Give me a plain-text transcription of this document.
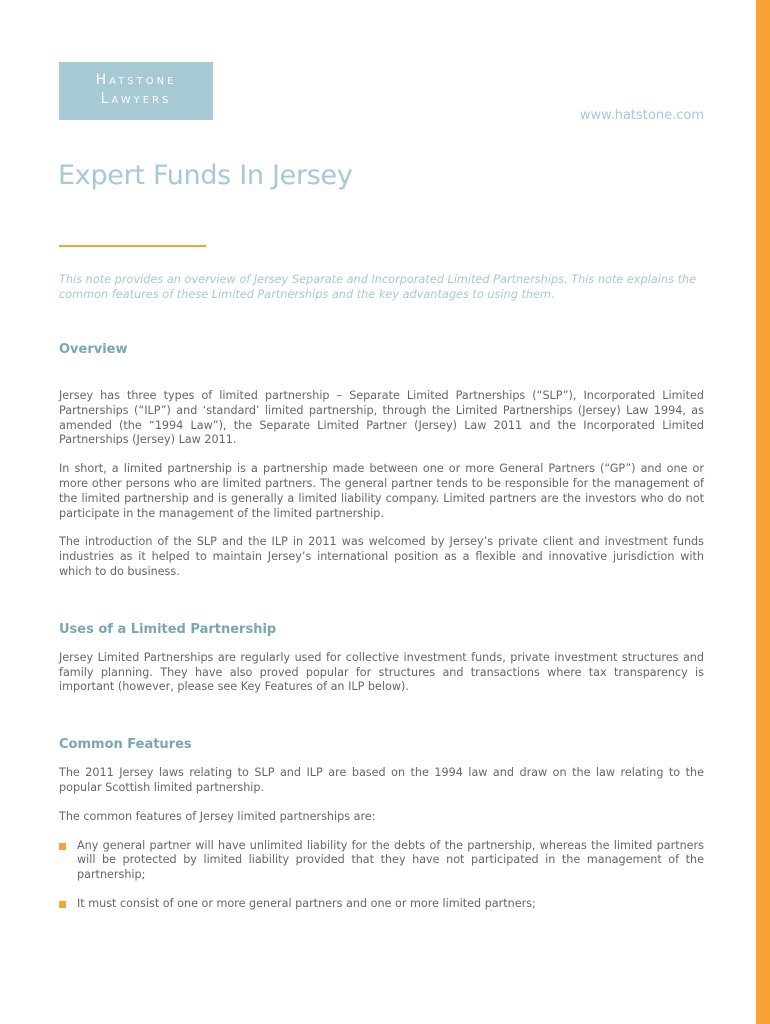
Hatstone
Lawyers
www.hatstone.com
Expert Funds In Jersey

This note provides an overview of Jersey Separate and Incorporated Limited Partnerships. This note explains the common features of these Limited Partnerships and the key advantages to using them.

Overview

Jersey has three types of limited partnership – Separate Limited Partnerships (“SLP”), Incorporated Limited Partnerships (“ILP”) and ‘standard’ limited partnership, through the Limited Partnerships (Jersey) Law 1994, as amended (the “1994 Law”), the Separate Limited Partner (Jersey) Law 2011 and the Incorporated Limited Partnerships (Jersey) Law 2011.

In short, a limited partnership is a partnership made between one or more General Partners (“GP”) and one or more other persons who are limited partners. The general partner tends to be responsible for the management of the limited partnership and is generally a limited liability company. Limited partners are the investors who do not participate in the management of the limited partnership.

The introduction of the SLP and the ILP in 2011 was welcomed by Jersey’s private client and investment funds industries as it helped to maintain Jersey’s international position as a flexible and innovative jurisdiction with which to do business.

Uses of a Limited Partnership

Jersey Limited Partnerships are regularly used for collective investment funds, private investment structures and family planning. They have also proved popular for structures and transactions where tax transparency is important (however, please see Key Features of an ILP below).

Common Features

The 2011 Jersey laws relating to SLP and ILP are based on the 1994 law and draw on the law relating to the popular Scottish limited partnership.

The common features of Jersey limited partnerships are:

Any general partner will have unlimited liability for the debts of the partnership, whereas the limited partners will be protected by limited liability provided that they have not participated in the management of the partnership;
It must consist of one or more general partners and one or more limited partners;
